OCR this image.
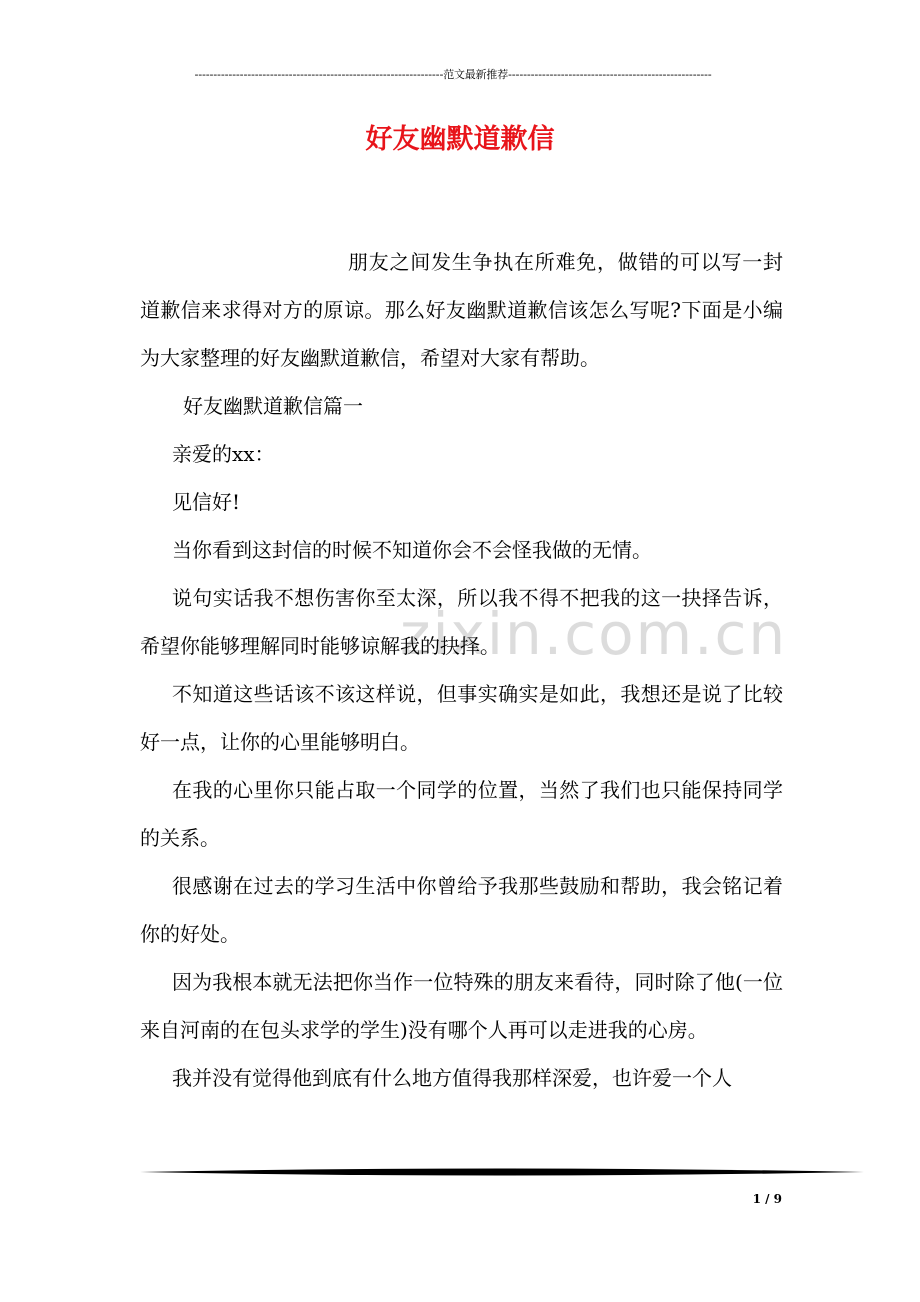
------------------------------------------------------------------范文最新推荐------------------------------------------------------
好友幽默道歉信
zixin.com.cn

朋友之间发生争执在所难免，做错的可以写一封道歉信来求得对方的原谅。那么好友幽默道歉信该怎么写呢?下面是小编为大家整理的好友幽默道歉信，希望对大家有帮助。

好友幽默道歉信篇一

亲爱的xx：

见信好!

当你看到这封信的时候不知道你会不会怪我做的无情。

说句实话我不想伤害你至太深，所以我不得不把我的这一抉择告诉，希望你能够理解同时能够谅解我的抉择。

不知道这些话该不该这样说，但事实确实是如此，我想还是说了比较好一点，让你的心里能够明白。

在我的心里你只能占取一个同学的位置，当然了我们也只能保持同学的关系。

很感谢在过去的学习生活中你曾给予我那些鼓励和帮助，我会铭记着你的好处。

因为我根本就无法把你当作一位特殊的朋友来看待，同时除了他(一位来自河南的在包头求学的学生)没有哪个人再可以走进我的心房。

我并没有觉得他到底有什么地方值得我那样深爱，也许爱一个人

1 / 9
